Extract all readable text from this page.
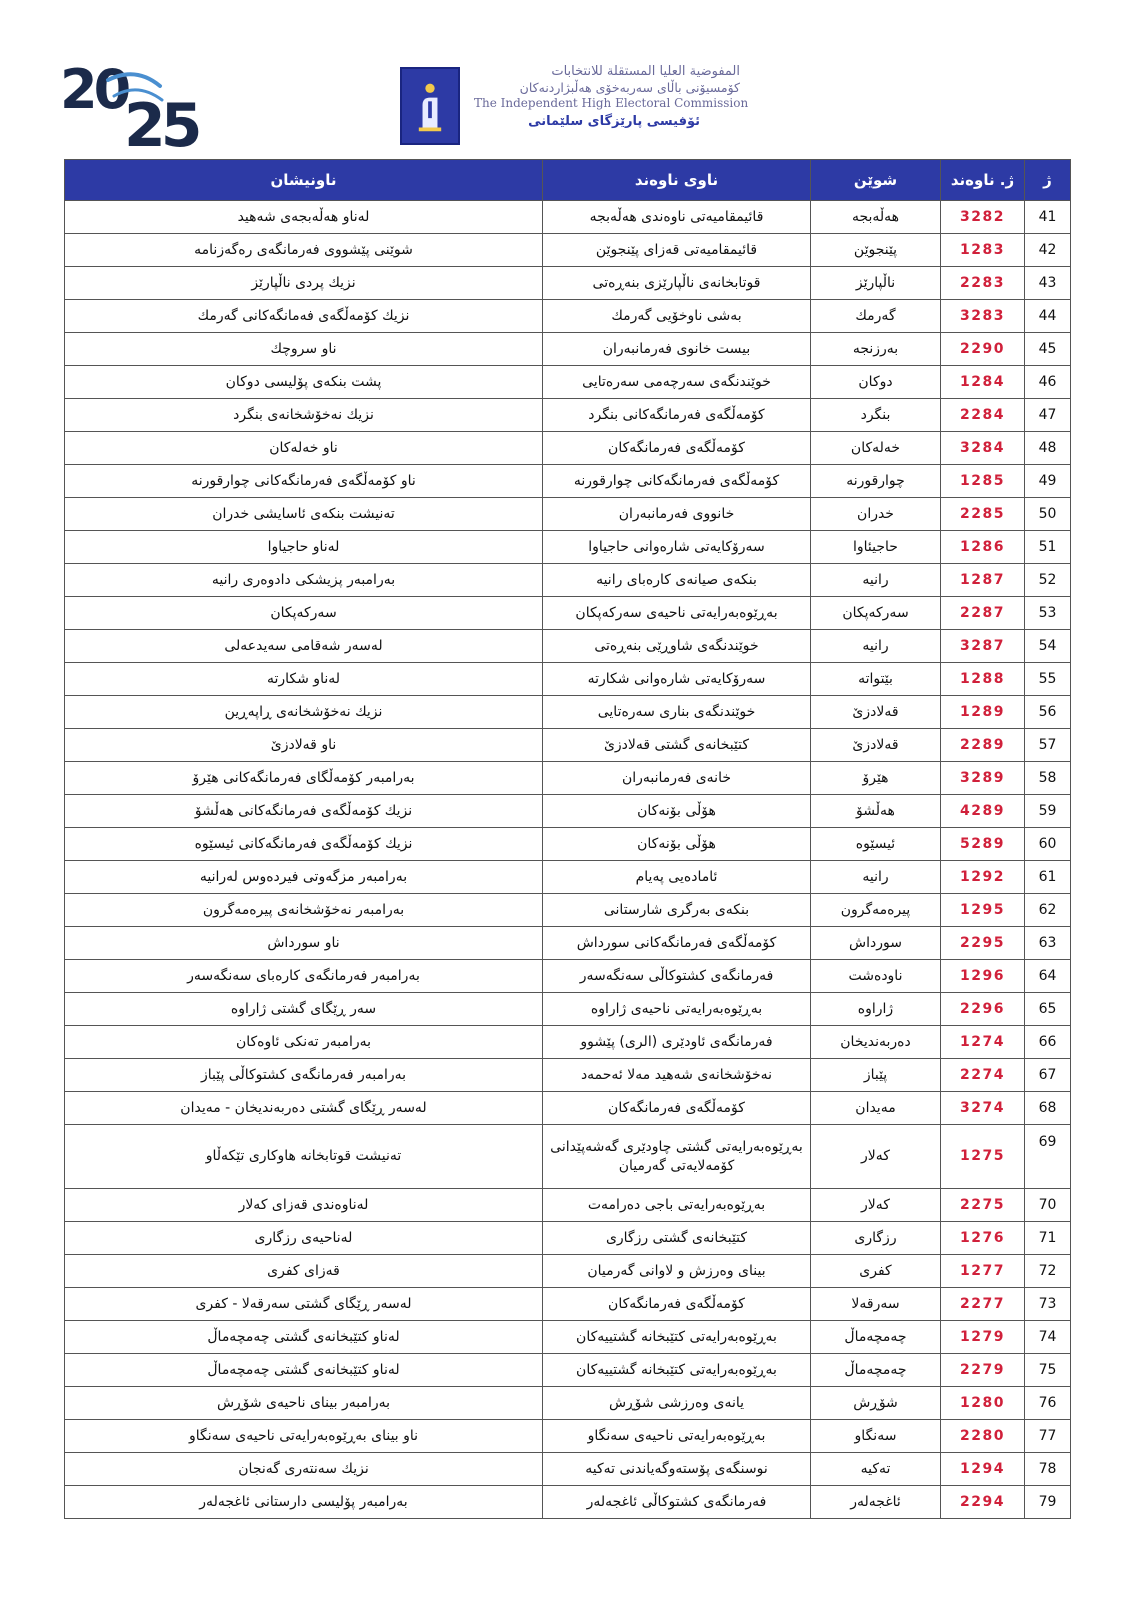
20
25
المفوضية العليا المستقلة للانتخابات
کۆمسیۆنی باڵای سەربەخۆی هەڵبژاردنەکان
The Independent High Electoral Commission
ئۆفیسی پارێزگای سلێمانی
ژ	ژ. ناوەند	شوێن	ناوی ناوەند	ناونیشان
41	3282	هەڵەبجە	قائیمقامیەتی ناوەندی هەڵەبجە	لەناو هەڵەبجەی شەهید
42	1283	پێنجوێن	قائیمقامیەتی قەزای پێنجوێن	شوێنی پێشووی فەرمانگەی رەگەزنامە
43	2283	ناڵپارێز	قوتابخانەی ناڵپارێزی بنەڕەتی	نزیك پردی ناڵپارێز
44	3283	گەرمك	بەشی ناوخۆیی گەرمك	نزیك کۆمەڵگەی فەمانگەکانی گەرمك
45	2290	بەرزنجە	بیست خانوی فەرمانبەران	ناو سروچك
46	1284	دوکان	خوێندنگەی سەرچەمی سەرەتایی	پشت بنکەی پۆلیسی دوکان
47	2284	بنگرد	کۆمەڵگەی فەرمانگەکانی بنگرد	نزیك نەخۆشخانەی بنگرد
48	3284	خەلەکان	کۆمەڵگەی فەرمانگەکان	ناو خەلەکان
49	1285	چوارقورنە	کۆمەڵگەی فەرمانگەکانی چوارقورنە	ناو کۆمەڵگەی فەرمانگەکانی چوارقورنە
50	2285	خدران	خانووی فەرمانبەران	تەنیشت بنکەی ئاسایشی خدران
51	1286	حاجیئاوا	سەرۆکایەتی شارەوانی حاجیاوا	لەناو حاجیاوا
52	1287	رانیە	بنکەی صیانەی کارەبای رانیە	بەرامبەر پزیشکی دادوەری رانیە
53	2287	سەرکەپکان	بەڕێوەبەرایەتی ناحیەی سەرکەپکان	سەرکەپکان
54	3287	رانیە	خوێندنگەی شاوڕێی بنەڕەتی	لەسەر شەقامی سەیدعەلی
55	1288	بێتواتە	سەرۆکایەتی شارەوانی شکارتە	لەناو شکارتە
56	1289	قەلادزێ	خوێندنگەی بناری سەرەتایی	نزیك نەخۆشخانەی ڕاپەڕین
57	2289	قەلادزێ	کتێبخانەی گشتی قەلادزێ	ناو قەلادزێ
58	3289	هێرۆ	خانەی فەرمانبەران	بەرامبەر کۆمەڵگای فەرمانگەکانی هێرۆ
59	4289	هەڵشۆ	هۆڵی بۆنەکان	نزیك کۆمەڵگەی فەرمانگەکانی هەڵشۆ
60	5289	ئیسێوە	هۆڵی بۆنەکان	نزیك کۆمەڵگەی فەرمانگەکانی ئیسێوە
61	1292	رانیە	ئامادەیی پەیام	بەرامبەر مزگەوتی فیردەوس لەرانیە
62	1295	پیرەمەگرون	بنکەی بەرگری شارستانی	بەرامبەر نەخۆشخانەی پیرەمەگرون
63	2295	سورداش	کۆمەڵگەی فەرمانگەکانی سورداش	ناو سورداش
64	1296	ناودەشت	فەرمانگەی کشتوکاڵی سەنگەسەر	بەرامبەر فەرمانگەی کارەبای سەنگەسەر
65	2296	ژاراوە	بەڕێوەبەرایەتی ناحیەی ژاراوە	سەر ڕێگای گشتی ژاراوە
66	1274	دەربەندیخان	فەرمانگەی ئاودێری (الری) پێشوو	بەرامبەر تەنکی ئاوەکان
67	2274	پێباز	نەخۆشخانەی شەهید مەلا ئەحمەد	بەرامبەر فەرمانگەی کشتوکاڵی پێباز
68	3274	مەیدان	کۆمەڵگەی فەرمانگەکان	لەسەر ڕێگای گشتی دەربەندیخان - مەیدان
69	1275	کەلار	بەڕێوەبەرایەتی گشتی چاودێری گەشەپێدانی کۆمەلایەتی گەرمیان	تەنیشت قوتابخانە هاوکاری تێکەڵاو
70	2275	کەلار	بەڕێوەبەرایەتی باجی دەرامەت	لەناوەندی قەزای کەلار
71	1276	رزگاری	کتێبخانەی گشتی رزگاری	لەناحیەی رزگاری
72	1277	کفری	بینای وەرزش و لاوانی گەرمیان	قەزای کفری
73	2277	سەرقەلا	کۆمەڵگەی فەرمانگەکان	لەسەر ڕێگای گشتی سەرقەلا - کفری
74	1279	چەمچەماڵ	بەڕێوەبەرایەتی کتێبخانە گشتییەکان	لەناو کتێبخانەی گشتی چەمچەماڵ
75	2279	چەمچەماڵ	بەڕێوەبەرایەتی کتێبخانە گشتییەکان	لەناو کتێبخانەی گشتی چەمچەماڵ
76	1280	شۆڕش	یانەی وەرزشی شۆڕش	بەرامبەر بینای ناحیەی شۆڕش
77	2280	سەنگاو	بەڕێوەبەرایەتی ناحیەی سەنگاو	ناو بینای بەڕێوەبەرایەتی ناحیەی سەنگاو
78	1294	تەکیە	نوسنگەی پۆستەوگەیاندنی تەکیە	نزیك سەنتەری گەنجان
79	2294	ئاغجەلەر	فەرمانگەی کشتوکاڵی ئاغجەلەر	بەرامبەر پۆلیسی دارستانی ئاغجەلەر
